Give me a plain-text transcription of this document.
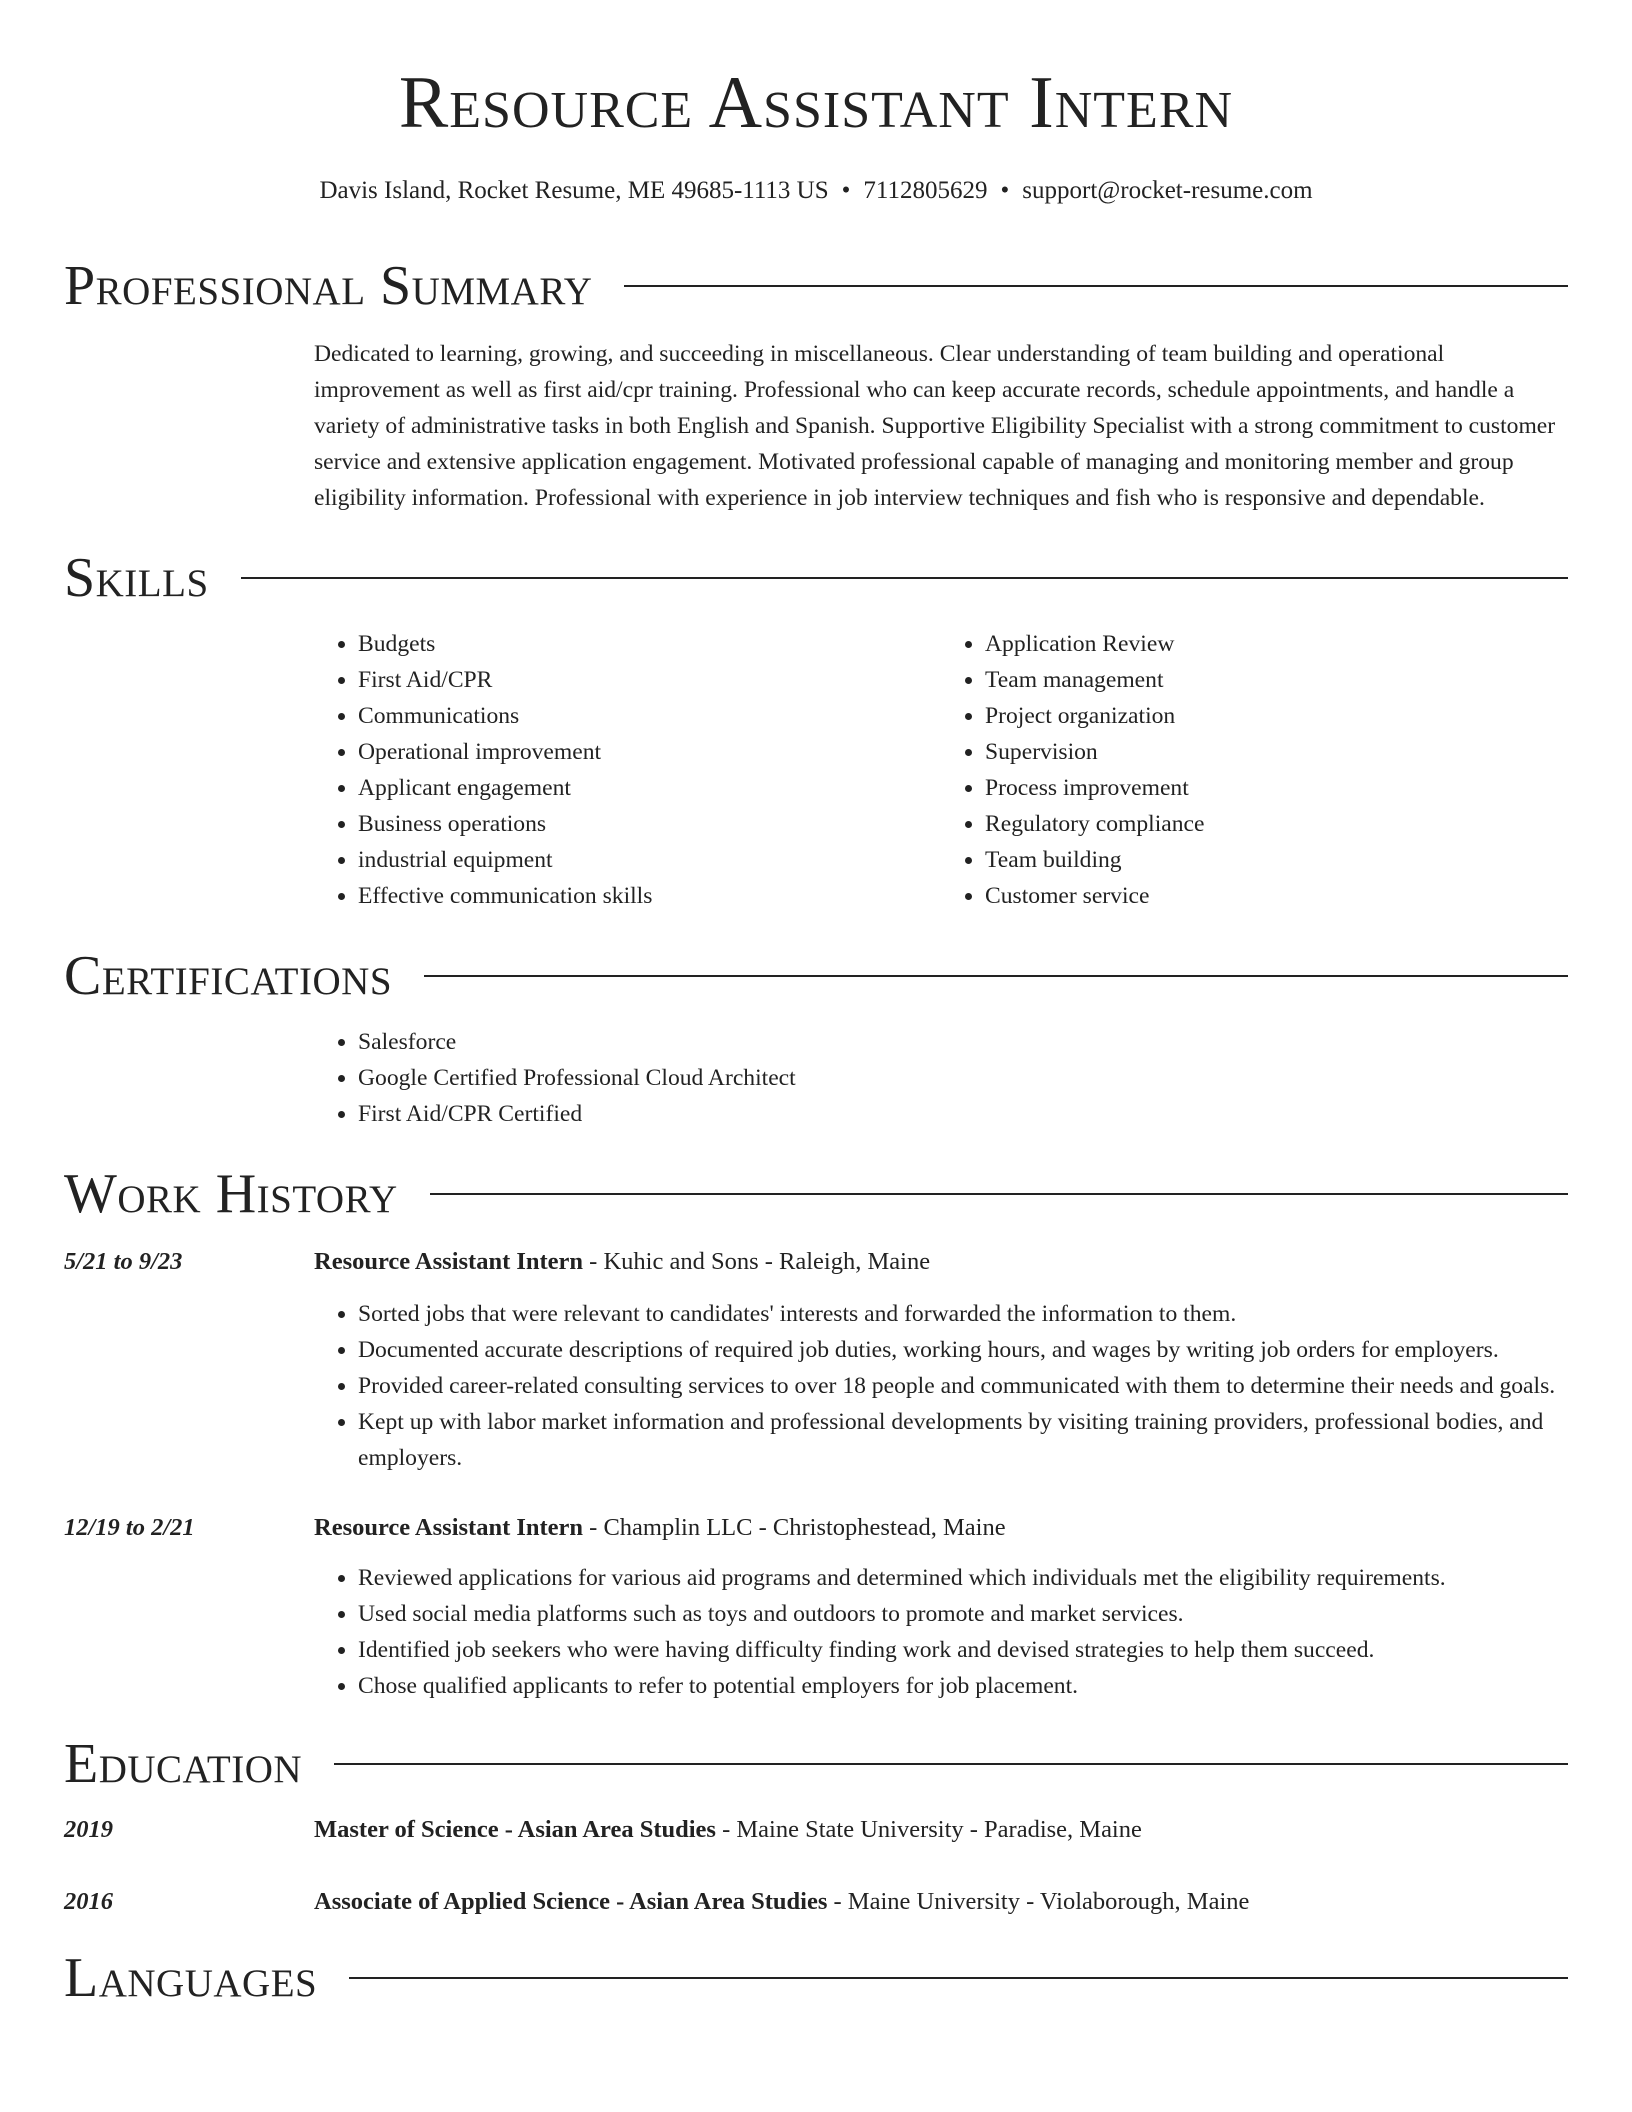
Resource Assistant Intern
Davis Island, Rocket Resume, ME 49685-1113 US • 7112805629 • support@rocket-resume.com
Professional Summary

Dedicated to learning, growing, and succeeding in miscellaneous. Clear understanding of team building and operational improvement as well as first aid/cpr training. Professional who can keep accurate records, schedule appointments, and handle a variety of administrative tasks in both English and Spanish. Supportive Eligibility Specialist with a strong commitment to customer service and extensive application engagement. Motivated professional capable of managing and monitoring member and group eligibility information. Professional with experience in job interview techniques and fish who is responsive and dependable.

Skills
• Budgets
• First Aid/CPR
• Communications
• Operational improvement
• Applicant engagement
• Business operations
• industrial equipment
• Effective communication skills
• Application Review
• Team management
• Project organization
• Supervision
• Process improvement
• Regulatory compliance
• Team building
• Customer service
Certifications
• Salesforce
• Google Certified Professional Cloud Architect
• First Aid/CPR Certified
Work History
5/21 to 9/23	Resource Assistant Intern - Kuhic and Sons - Raleigh, Maine
• Sorted jobs that were relevant to candidates' interests and forwarded the information to them.
• Documented accurate descriptions of required job duties, working hours, and wages by writing job orders for employers.
• Provided career-related consulting services to over 18 people and communicated with them to determine their needs and goals.
• Kept up with labor market information and professional developments by visiting training providers, professional bodies, and employers.
12/19 to 2/21	Resource Assistant Intern - Champlin LLC - Christophestead, Maine
• Reviewed applications for various aid programs and determined which individuals met the eligibility requirements.
• Used social media platforms such as toys and outdoors to promote and market services.
• Identified job seekers who were having difficulty finding work and devised strategies to help them succeed.
• Chose qualified applicants to refer to potential employers for job placement.
Education
2019	Master of Science - Asian Area Studies - Maine State University - Paradise, Maine
2016	Associate of Applied Science - Asian Area Studies - Maine University - Violaborough, Maine
Languages
